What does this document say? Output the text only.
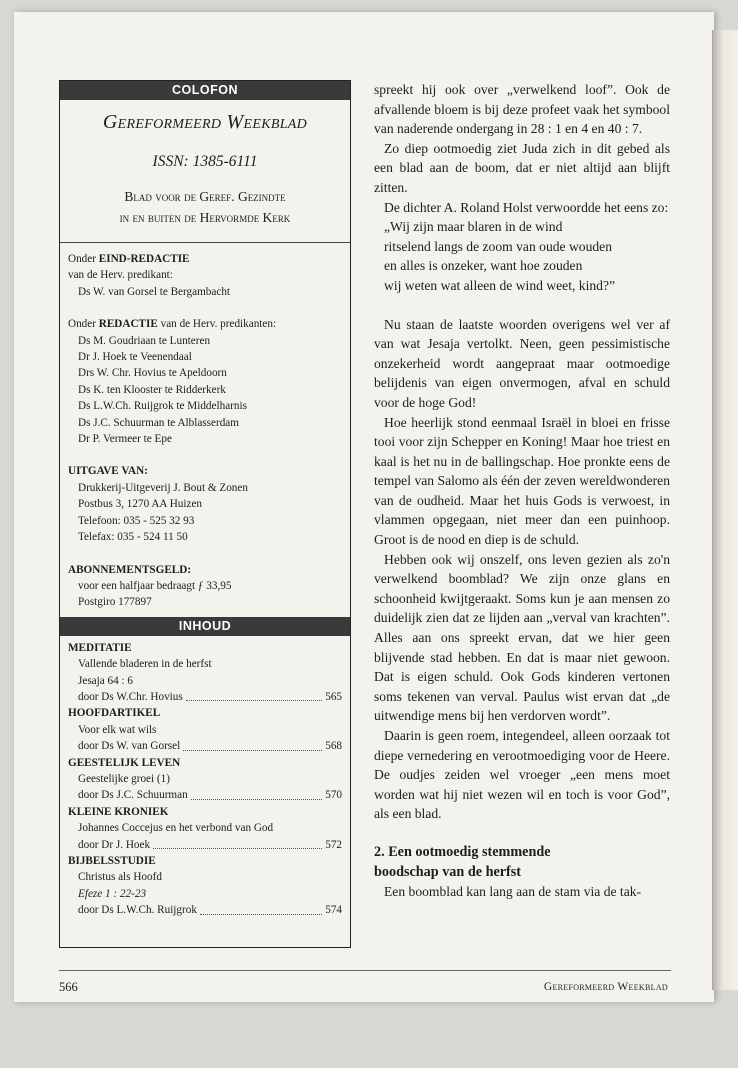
COLOFON
Gereformeerd Weekblad
ISSN: 1385-6111
Blad voor de Geref. Gezindte
in en buiten de Hervormde Kerk
Onder EIND-REDACTIE
van de Herv. predikant:
Ds W. van Gorsel te Bergambacht
Onder REDACTIE van de Herv. predikanten:
Ds M. Goudriaan te Lunteren
Dr J. Hoek te Veenendaal
Drs W. Chr. Hovius te Apeldoorn
Ds K. ten Klooster te Ridderkerk
Ds L.W.Ch. Ruijgrok te Middelharnis
Ds J.C. Schuurman te Alblasserdam
Dr P. Vermeer te Epe
UITGAVE VAN:
Drukkerij-Uitgeverij J. Bout & Zonen
Postbus 3, 1270 AA Huizen
Telefoon: 035 - 525 32 93
Telefax: 035 - 524 11 50
ABONNEMENTSGELD:
voor een halfjaar bedraagt ƒ 33,95
Postgiro 177897
INHOUD
MEDITATIE
Vallende bladeren in de herfst
Jesaja 64 : 6
door Ds W.Chr. Hovius	565
HOOFDARTIKEL
Voor elk wat wils
door Ds W. van Gorsel	568
GEESTELIJK LEVEN
Geestelijke groei (1)
door Ds J.C. Schuurman	570
KLEINE KRONIEK
Johannes Coccejus en het verbond van God
door Dr J. Hoek	572
BIJBELSSTUDIE
Christus als Hoofd
Efeze 1 : 22-23
door Ds L.W.Ch. Ruijgrok	574

spreekt hij ook over „verwelkend loof”. Ook de afvallende bloem is bij deze profeet vaak het symbool van naderende ondergang in 28 : 1 en 4 en 40 : 7.

Zo diep ootmoedig ziet Juda zich in dit gebed als een blad aan de boom, dat er niet altijd aan blijft zitten.

De dichter A. Roland Holst verwoordde het eens zo:

„Wij zijn maar blaren in de wind
ritselend langs de zoom van oude wouden
en alles is onzeker, want hoe zouden
wij weten wat alleen de wind weet, kind?”

Nu staan de laatste woorden overigens wel ver af van wat Jesaja vertolkt. Neen, geen pessimistische onzekerheid wordt aangepraat maar ootmoedige belijdenis van eigen onvermogen, afval en schuld voor de hoge God!

Hoe heerlijk stond eenmaal Israël in bloei en frisse tooi voor zijn Schepper en Koning! Maar hoe triest en kaal is het nu in de ballingschap. Hoe pronkte eens de tempel van Salomo als één der zeven wereldwonderen van de oudheid. Maar het huis Gods is verwoest, in vlammen opgegaan, niet meer dan een puinhoop. Groot is de nood en diep is de schuld.

Hebben ook wij onszelf, ons leven gezien als zo'n verwelkend boomblad? We zijn onze glans en schoonheid kwijtgeraakt. Soms kun je aan mensen zo duidelijk zien dat ze lijden aan „verval van krachten”. Alles aan ons spreekt ervan, dat we hier geen blijvende stad hebben. En dat is maar niet gewoon. Dat is eigen schuld. Ook Gods kinderen vertonen soms tekenen van verval. Paulus wist ervan dat „de uitwendige mens bij hen verdorven wordt”.

Daarin is geen roem, integendeel, alleen oorzaak tot diepe vernedering en verootmoediging voor de Heere. De oudjes zeiden wel vroeger „een mens moet worden wat hij niet wezen wil en toch is voor God”, als een blad.

2. Een ootmoedig stemmende
boodschap van de herfst

Een boomblad kan lang aan de stam via de tak-

566	Gereformeerd Weekblad
